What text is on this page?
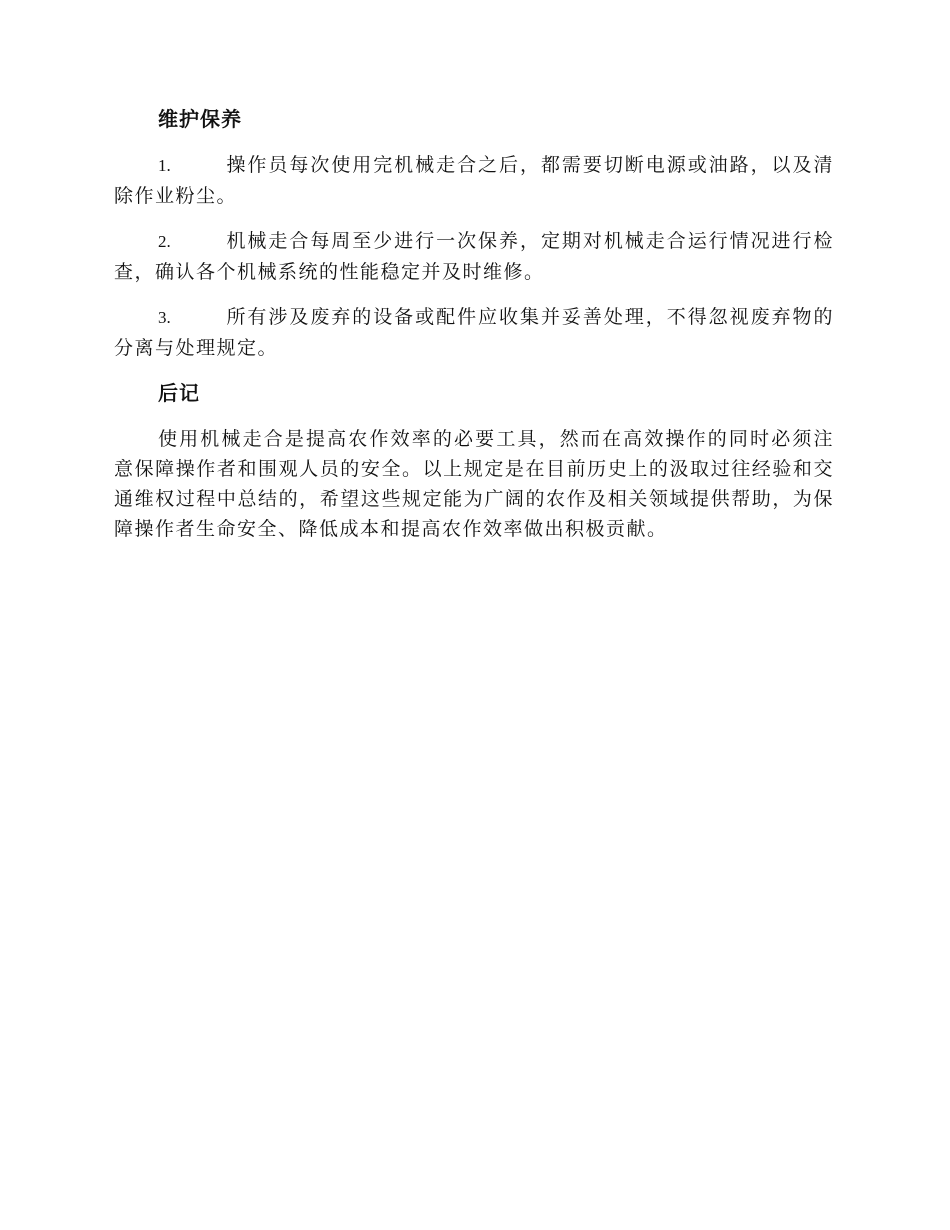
维护保养
1.	操作员每次使用完机械走合之后，都需要切断电源或油路，以及清除作业粉尘。
2.	机械走合每周至少进行一次保养，定期对机械走合运行情况进行检查，确认各个机械系统的性能稳定并及时维修。
3.	所有涉及废弃的设备或配件应收集并妥善处理，不得忽视废弃物的分离与处理规定。
后记

使用机械走合是提高农作效率的必要工具，然而在高效操作的同时必须注意保障操作者和围观人员的安全。以上规定是在目前历史上的汲取过往经验和交通维权过程中总结的，希望这些规定能为广阔的农作及相关领域提供帮助，为保障操作者生命安全、降低成本和提高农作效率做出积极贡献。
